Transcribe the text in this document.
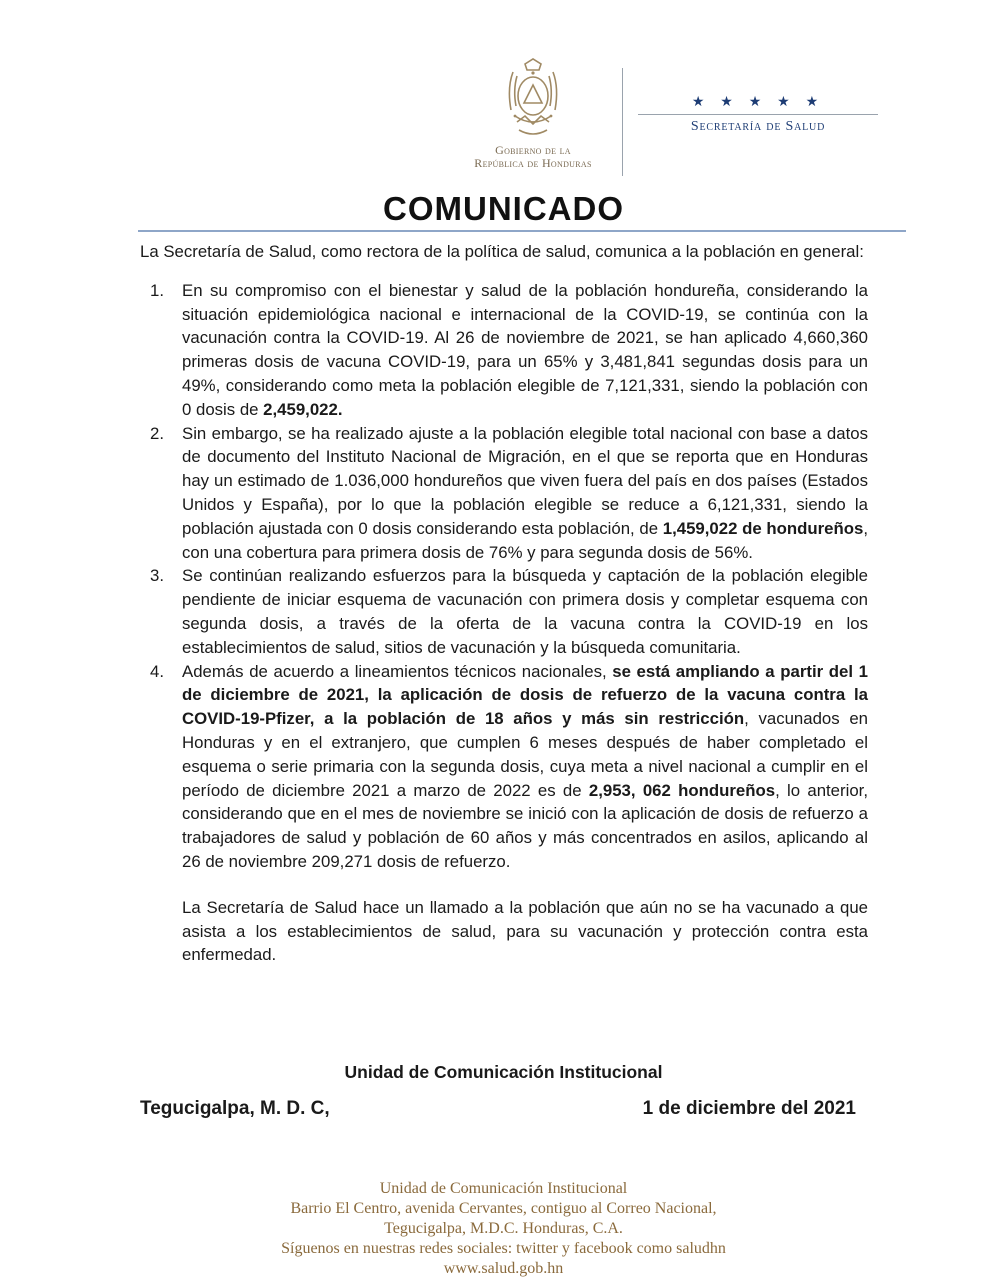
Gobierno de la
República de Honduras
★ ★ ★ ★ ★
Secretaría de Salud
COMUNICADO

La Secretaría de Salud, como rectora de la política de salud, comunica a la población en general:

1. En su compromiso con el bienestar y salud de la población hondureña, considerando la situación epidemiológica nacional e internacional de la COVID-19, se continúa con la vacunación contra la COVID-19. Al 26 de noviembre de 2021, se han aplicado 4,660,360 primeras dosis de vacuna COVID-19, para un 65% y 3,481,841 segundas dosis para un 49%, considerando como meta la población elegible de 7,121,331, siendo la población con 0 dosis de 2,459,022.
2. Sin embargo, se ha realizado ajuste a la población elegible total nacional con base a datos de documento del Instituto Nacional de Migración, en el que se reporta que en Honduras hay un estimado de 1.036,000 hondureños que viven fuera del país en dos países (Estados Unidos y España), por lo que la población elegible se reduce a 6,121,331, siendo la población ajustada con 0 dosis considerando esta población, de 1,459,022 de hondureños, con una cobertura para primera dosis de 76% y para segunda dosis de 56%.
3. Se continúan realizando esfuerzos para la búsqueda y captación de la población elegible pendiente de iniciar esquema de vacunación con primera dosis y completar esquema con segunda dosis, a través de la oferta de la vacuna contra la COVID-19 en los establecimientos de salud, sitios de vacunación y la búsqueda comunitaria.
4. Además de acuerdo a lineamientos técnicos nacionales, se está ampliando a partir del 1 de diciembre de 2021, la aplicación de dosis de refuerzo de la vacuna contra la COVID-19-Pfizer, a la población de 18 años y más sin restricción, vacunados en Honduras y en el extranjero, que cumplen 6 meses después de haber completado el esquema o serie primaria con la segunda dosis, cuya meta a nivel nacional a cumplir en el período de diciembre 2021 a marzo de 2022 es de 2,953, 062 hondureños, lo anterior, considerando que en el mes de noviembre se inició con la aplicación de dosis de refuerzo a trabajadores de salud y población de 60 años y más concentrados en asilos, aplicando al 26 de noviembre 209,271 dosis de refuerzo.

La Secretaría de Salud hace un llamado a la población que aún no se ha vacunado a que asista a los establecimientos de salud, para su vacunación y protección contra esta enfermedad.

Unidad de Comunicación Institucional
Tegucigalpa, M. D. C,	1 de diciembre del 2021
Unidad de Comunicación Institucional
Barrio El Centro, avenida Cervantes, contiguo al Correo Nacional,
Tegucigalpa, M.D.C. Honduras, C.A.
Síguenos en nuestras redes sociales: twitter y facebook como saludhn
www.salud.gob.hn
